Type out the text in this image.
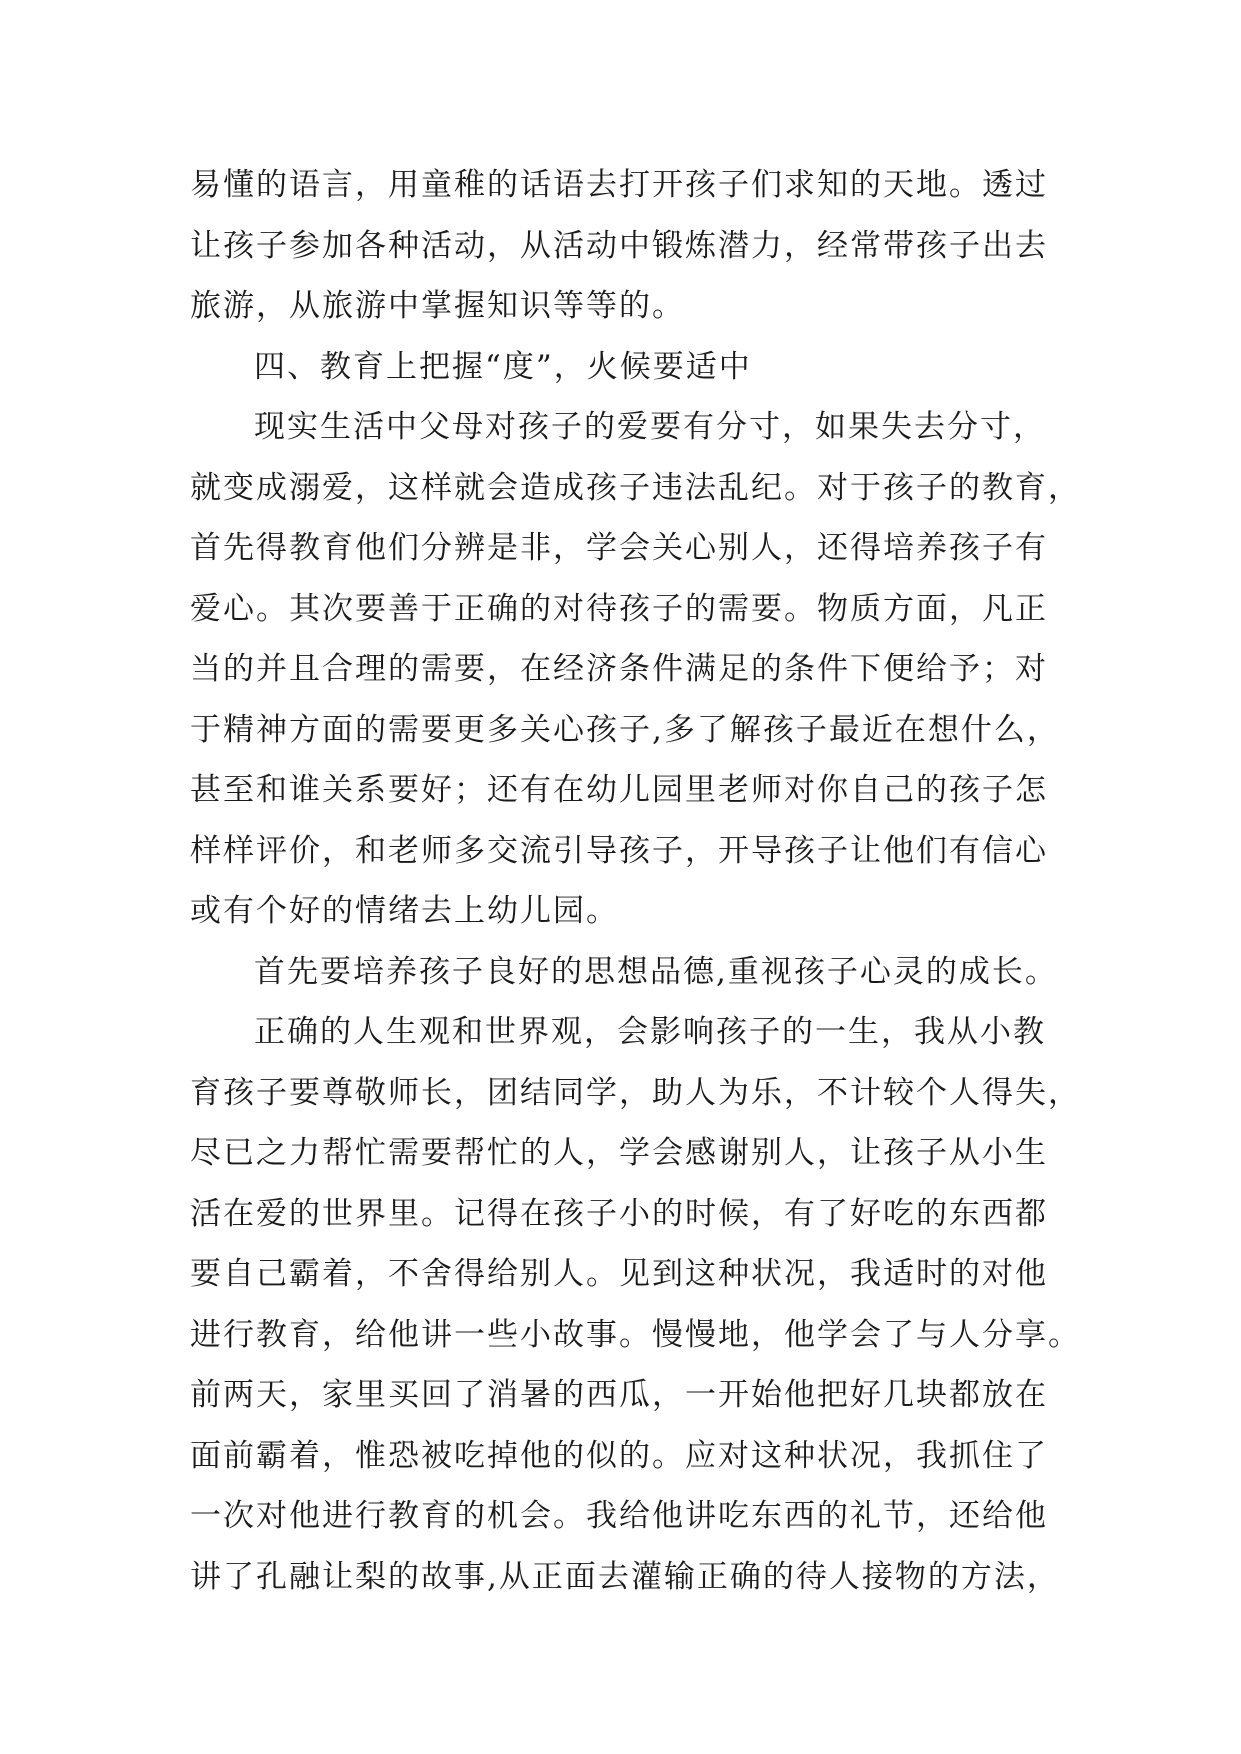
易懂的语言，用童稚的话语去打开孩子们求知的天地。透过
让孩子参加各种活动，从活动中锻炼潜力，经常带孩子出去
旅游，从旅游中掌握知识等等的。

四、教育上把握“度”，火候要适中

现实生活中父母对孩子的爱要有分寸，如果失去分寸，
就变成溺爱，这样就会造成孩子违法乱纪。对于孩子的教育，
首先得教育他们分辨是非，学会关心别人，还得培养孩子有
爱心。其次要善于正确的对待孩子的需要。物质方面，凡正
当的并且合理的需要，在经济条件满足的条件下便给予；对
于精神方面的需要更多关心孩子,多了解孩子最近在想什么，
甚至和谁关系要好；还有在幼儿园里老师对你自己的孩子怎
样样评价，和老师多交流引导孩子，开导孩子让他们有信心
或有个好的情绪去上幼儿园。

首先要培养孩子良好的思想品德,重视孩子心灵的成长。

正确的人生观和世界观，会影响孩子的一生，我从小教
育孩子要尊敬师长，团结同学，助人为乐，不计较个人得失，
尽已之力帮忙需要帮忙的人，学会感谢别人，让孩子从小生
活在爱的世界里。记得在孩子小的时候，有了好吃的东西都
要自己霸着，不舍得给别人。见到这种状况，我适时的对他
进行教育，给他讲一些小故事。慢慢地，他学会了与人分享。
前两天，家里买回了消暑的西瓜，一开始他把好几块都放在
面前霸着，惟恐被吃掉他的似的。应对这种状况，我抓住了
一次对他进行教育的机会。我给他讲吃东西的礼节，还给他
讲了孔融让梨的故事,从正面去灌输正确的待人接物的方法，
